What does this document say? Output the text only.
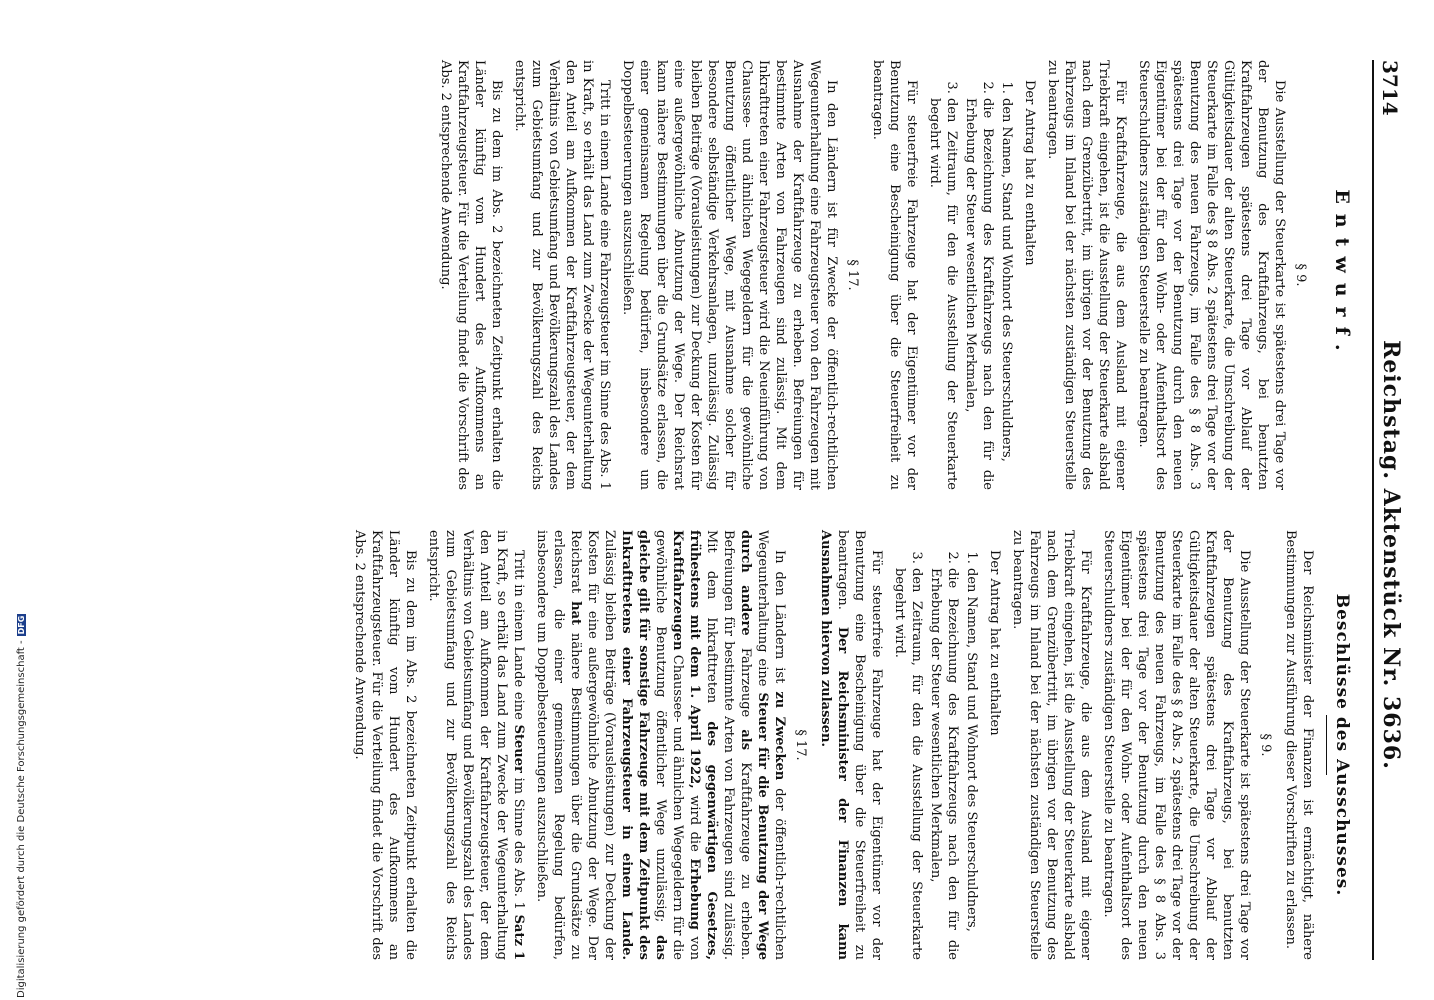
3714
Reichstag. Aktenstück Nr. 3636.
Entwurf.
§ 9.

Die Ausstellung der Steuerkarte ist spätestens drei Tage vor der Benutzung des Kraftfahrzeugs, bei benutzten Kraftfahrzeugen spätestens drei Tage vor Ablauf der Gültigkeitsdauer der alten Steuerkarte, die Umschreibung der Steuerkarte im Falle des § 8 Abs. 2 spätestens drei Tage vor der Benutzung des neuen Fahrzeugs, im Falle des § 8 Abs. 3 spätestens drei Tage vor der Benutzung durch den neuen Eigentümer bei der für den Wohn- oder Aufenthaltsort des Steuerschuldners zuständigen Steuerstelle zu beantragen.

Für Kraftfahrzeuge, die aus dem Ausland mit eigener Triebkraft eingehen, ist die Ausstellung der Steuerkarte alsbald nach dem Grenzübertritt, im übrigen vor der Benutzung des Fahrzeugs im Inland bei der nächsten zuständigen Steuerstelle zu beantragen.

Der Antrag hat zu enthalten

1. den Namen, Stand und Wohnort des Steuerschuldners,
2. die Bezeichnung des Kraftfahrzeugs nach den für die Erhebung der Steuer wesentlichen Merkmalen,
3. den Zeitraum, für den die Ausstellung der Steuerkarte begehrt wird.

Für steuerfreie Fahrzeuge hat der Eigentümer vor der Benutzung eine Bescheinigung über die Steuerfreiheit zu beantragen.

§ 17.

In den Ländern ist für Zwecke der öffentlich-rechtlichen Wegeunterhaltung eine Fahrzeugsteuer von den Fahrzeugen mit Ausnahme der Kraftfahrzeuge zu erheben. Befreiungen für bestimmte Arten von Fahrzeugen sind zulässig. Mit dem Inkrafttreten einer Fahrzeugsteuer wird die Neueinführung von Chaussee- und ähnlichen Wegegeldern für die gewöhnliche Benutzung öffentlicher Wege, mit Ausnahme solcher für besondere selbständige Verkehrsanlagen, unzulässig. Zulässig bleiben Beiträge (Vorausleistungen) zur Deckung der Kosten für eine außergewöhnliche Abnutzung der Wege. Der Reichsrat kann nähere Bestimmungen über die Grundsätze erlassen, die einer gemeinsamen Regelung bedürfen, insbesondere um Doppelbesteuerungen auszuschließen.

Tritt in einem Lande eine Fahrzeugsteuer im Sinne des Abs. 1 in Kraft, so erhält das Land zum Zwecke der Wegeunterhaltung den Anteil am Aufkommen der Kraftfahrzeugsteuer, der dem Verhältnis von Gebietsumfang und Bevölkerungszahl des Landes zum Gebietsumfang und zur Bevölkerungszahl des Reichs entspricht.

Bis zu dem im Abs. 2 bezeichneten Zeitpunkt erhalten die Länder künftig vom Hundert des Aufkommens an Kraftfahrzeugsteuer. Für die Verteilung findet die Vorschrift des Abs. 2 entsprechende Anwendung.

Beschlüsse des Ausschusses.

Der Reichsminister der Finanzen ist ermächtigt, nähere Bestimmungen zur Ausführung dieser Vorschriften zu erlassen.

§ 9.

Die Ausstellung der Steuerkarte ist spätestens drei Tage vor der Benutzung des Kraftfahrzeugs, bei benutzten Kraftfahrzeugen spätestens drei Tage vor Ablauf der Gültigkeitsdauer der alten Steuerkarte, die Umschreibung der Steuerkarte im Falle des § 8 Abs. 2 spätestens drei Tage vor der Benutzung des neuen Fahrzeugs, im Falle des § 8 Abs. 3 spätestens drei Tage vor der Benutzung durch den neuen Eigentümer bei der für den Wohn- oder Aufenthaltsort des Steuerschuldners zuständigen Steuerstelle zu beantragen.

Für Kraftfahrzeuge, die aus dem Ausland mit eigener Triebkraft eingehen, ist die Ausstellung der Steuerkarte alsbald nach dem Grenzübertritt, im übrigen vor der Benutzung des Fahrzeugs im Inland bei der nächsten zuständigen Steuerstelle zu beantragen.

Der Antrag hat zu enthalten

1. den Namen, Stand und Wohnort des Steuerschuldners,
2. die Bezeichnung des Kraftfahrzeugs nach den für die Erhebung der Steuer wesentlichen Merkmalen,
3. den Zeitraum, für den die Ausstellung der Steuerkarte begehrt wird.

Für steuerfreie Fahrzeuge hat der Eigentümer vor der Benutzung eine Bescheinigung über die Steuerfreiheit zu beantragen. Der Reichsminister der Finanzen kann Ausnahmen hiervon zulassen.

§ 17.

In den Ländern ist zu Zwecken der öffentlich-rechtlichen Wegeunterhaltung eine Steuer für die Benutzung der Wege durch andere Fahrzeuge als Kraftfahrzeuge zu erheben. Befreiungen für bestimmte Arten von Fahrzeugen sind zulässig. Mit dem Inkrafttreten des gegenwärtigen Gesetzes, frühestens mit dem 1. April 1922, wird die Erhebung von Kraftfahrzeugen Chaussee- und ähnlichen Wegegeldern für die gewöhnliche Benutzung öffentlicher Wege unzulässig; das gleiche gilt für sonstige Fahrzeuge mit dem Zeitpunkt des Inkrafttretens einer Fahrzeugsteuer in einem Lande. Zulässig bleiben Beiträge (Vorausleistungen) zur Deckung der Kosten für eine außergewöhnliche Abnutzung der Wege. Der Reichsrat hat nähere Bestimmungen über die Grundsätze zu erlassen, die einer gemeinsamen Regelung bedürfen, insbesondere um Doppelbesteuerungen auszuschließen.

Tritt in einem Lande eine Steuer im Sinne des Abs. 1 Satz 1 in Kraft, so erhält das Land zum Zwecke der Wegeunterhaltung den Anteil am Aufkommen der Kraftfahrzeugsteuer, der dem Verhältnis von Gebietsumfang und Bevölkerungszahl des Landes zum Gebietsumfang und zur Bevölkerungszahl des Reichs entspricht.

Bis zu dem im Abs. 2 bezeichneten Zeitpunkt erhalten die Länder künftig vom Hundert des Aufkommens an Kraftfahrzeugsteuer. Für die Verteilung findet die Vorschrift des Abs. 2 entsprechende Anwendung.

Digitalisierung gefördert durch die Deutsche Forschungsgemeinschaft -
DFG
